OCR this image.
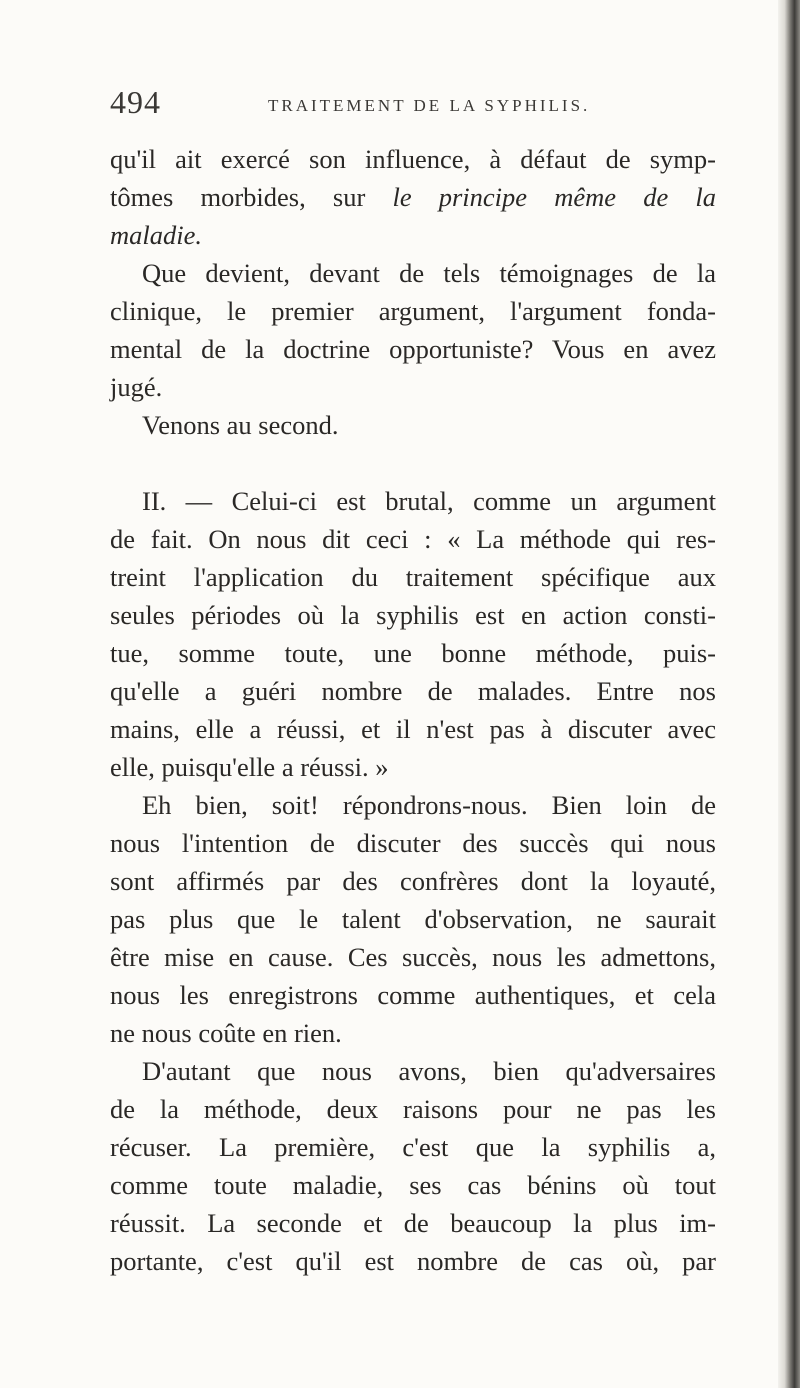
494	TRAITEMENT DE LA SYPHILIS.
qu'il ait exercé son influence, à défaut de symp-
tômes morbides, sur le principe même de la
maladie.
Que devient, devant de tels témoignages de la
clinique, le premier argument, l'argument fonda-
mental de la doctrine opportuniste? Vous en avez
jugé.
Venons au second.
II. — Celui-ci est brutal, comme un argument
de fait. On nous dit ceci : « La méthode qui res-
treint l'application du traitement spécifique aux
seules périodes où la syphilis est en action consti-
tue, somme toute, une bonne méthode, puis-
qu'elle a guéri nombre de malades. Entre nos
mains, elle a réussi, et il n'est pas à discuter avec
elle, puisqu'elle a réussi. »
Eh bien, soit! répondrons-nous. Bien loin de
nous l'intention de discuter des succès qui nous
sont affirmés par des confrères dont la loyauté,
pas plus que le talent d'observation, ne saurait
être mise en cause. Ces succès, nous les admettons,
nous les enregistrons comme authentiques, et cela
ne nous coûte en rien.
D'autant que nous avons, bien qu'adversaires
de la méthode, deux raisons pour ne pas les
récuser. La première, c'est que la syphilis a,
comme toute maladie, ses cas bénins où tout
réussit. La seconde et de beaucoup la plus im-
portante, c'est qu'il est nombre de cas où, par
